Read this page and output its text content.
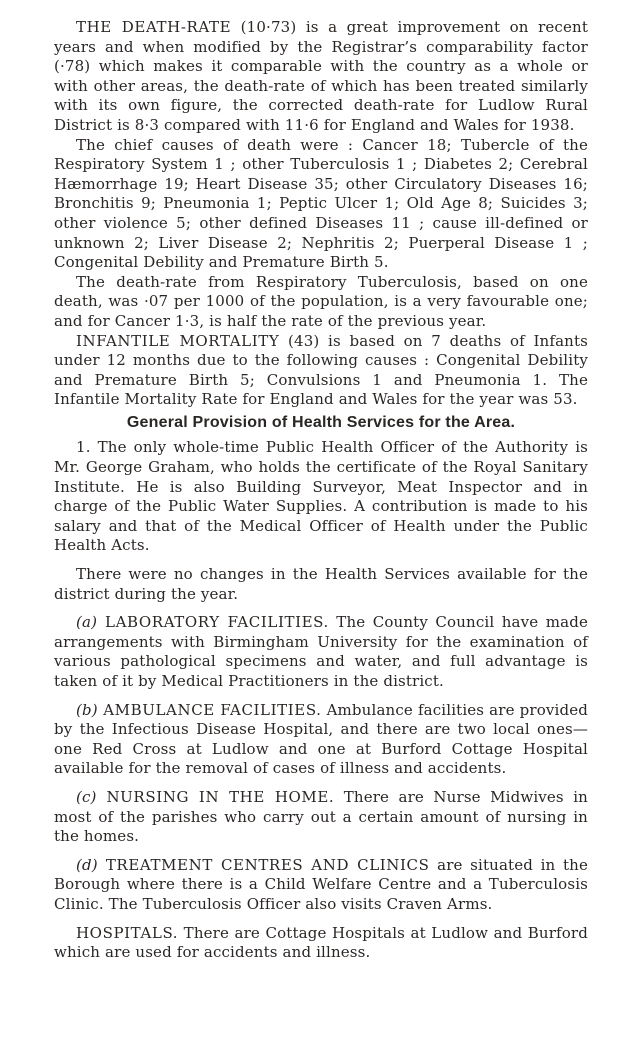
THE DEATH-RATE (10·73) is a great improvement on recent years and when modified by the Registrar’s comparability factor (·78) which makes it comparable with the country as a whole or with other areas, the death-rate of which has been treated similarly with its own figure, the corrected death-rate for Ludlow Rural District is 8·3 compared with 11·6 for England and Wales for 1938.

The chief causes of death were : Cancer 18; Tubercle of the Respiratory System 1 ; other Tuberculosis 1 ; Diabetes 2; Cerebral Hæmorrhage 19; Heart Disease 35; other Circulatory Diseases 16; Bronchitis 9; Pneumonia 1; Peptic Ulcer 1; Old Age 8; Suicides 3; other violence 5; other defined Diseases 11 ; cause ill-defined or unknown 2; Liver Disease 2; Nephritis 2; Puerperal Disease 1 ; Congenital Debility and Premature Birth 5.

The death-rate from Respiratory Tuberculosis, based on one death, was ·07 per 1000 of the population, is a very favourable one; and for Cancer 1·3, is half the rate of the previous year.

INFANTILE MORTALITY (43) is based on 7 deaths of Infants under 12 months due to the following causes : Congenital Debility and Premature Birth 5; Convulsions 1 and Pneumonia 1. The Infantile Mortality Rate for England and Wales for the year was 53.

General Provision of Health Services for the Area.

1. The only whole-time Public Health Officer of the Authority is Mr. George Graham, who holds the certificate of the Royal Sanitary Institute. He is also Building Surveyor, Meat Inspector and in charge of the Public Water Supplies. A contribution is made to his salary and that of the Medical Officer of Health under the Public Health Acts.

There were no changes in the Health Services available for the district during the year.

(a) LABORATORY FACILITIES. The County Council have made arrangements with Birmingham University for the examination of various pathological specimens and water, and full advantage is taken of it by Medical Practitioners in the district.

(b) AMBULANCE FACILITIES. Ambulance facilities are provided by the Infectious Disease Hospital, and there are two local ones—one Red Cross at Ludlow and one at Burford Cottage Hospital available for the removal of cases of illness and accidents.

(c) NURSING IN THE HOME. There are Nurse Midwives in most of the parishes who carry out a certain amount of nursing in the homes.

(d) TREATMENT CENTRES AND CLINICS are situated in the Borough where there is a Child Welfare Centre and a Tuberculosis Clinic. The Tuberculosis Officer also visits Craven Arms.

HOSPITALS. There are Cottage Hospitals at Ludlow and Burford which are used for accidents and illness.
